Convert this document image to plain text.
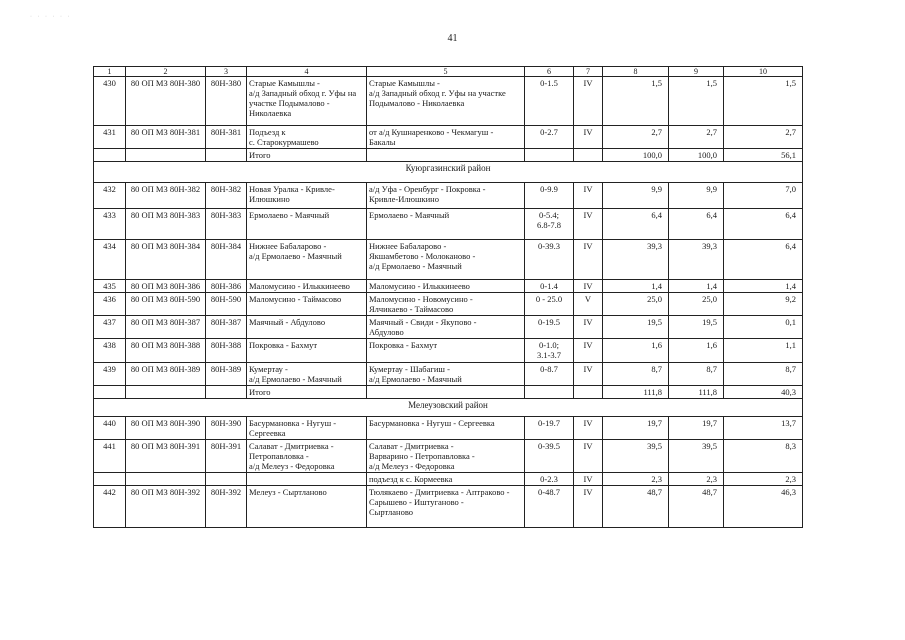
· · · · · ·
41
1	2	3	4	5	6	7	8	9	10
430	80 ОП МЗ 80Н-380	80Н-380	Старые Камышлы -
а/д Западный обход г. Уфы на участке Подымалово -
Николаевка	Старые Камышлы -
а/д Западный обход г. Уфы на участке
Подымалово - Николаевка	0-1.5	IV	1,5	1,5	1,5
431	80 ОП МЗ 80Н-381	80Н-381	Подъезд к
с. Старокурмашево	от а/д Кушнаренково - Чекмагуш -
Бакалы	0-2.7	IV	2,7	2,7	2,7
			Итого				100,0	100,0	56,1
Куюргазинский район									
432	80 ОП МЗ 80Н-382	80Н-382	Новая Уралка - Кривле-
Илюшкино	а/д Уфа - Оренбург - Покровка -
Кривле-Илюшкино	0-9.9	IV	9,9	9,9	7,0
433	80 ОП МЗ 80Н-383	80Н-383	Ермолаево - Маячный	Ермолаево - Маячный	0-5.4;
6.8-7.8	IV	6,4	6,4	6,4
434	80 ОП МЗ 80Н-384	80Н-384	Нижнее Бабаларово -
а/д Ермолаево - Маячный	Нижнее Бабаларово -
Якшамбетово - Молоканово -
а/д Ермолаево - Маячный	0-39.3	IV	39,3	39,3	6,4
435	80 ОП МЗ 80Н-386	80Н-386	Маломусино - Ильккинеево	Маломусино - Ильккинеево	0-1.4	IV	1,4	1,4	1,4
436	80 ОП МЗ 80Н-590	80Н-590	Маломусино - Таймасово	Маломусино - Новомусино -
Ялчикаево - Таймасово	0 - 25.0	V	25,0	25,0	9,2
437	80 ОП МЗ 80Н-387	80Н-387	Маячный - Абдулово	Маячный - Свиди - Якупово -
Абдулово	0-19.5	IV	19,5	19,5	0,1
438	80 ОП МЗ 80Н-388	80Н-388	Покровка - Бахмут	Покровка - Бахмут	0-1.0;
3.1-3.7	IV	1,6	1,6	1,1
439	80 ОП МЗ 80Н-389	80Н-389	Кумертау -
а/д Ермолаево - Маячный	Кумертау - Шабагиш -
а/д Ермолаево - Маячный	0-8.7	IV	8,7	8,7	8,7
			Итого				111,8	111,8	40,3
Мелеузовский район									
440	80 ОП МЗ 80Н-390	80Н-390	Басурмановка - Нугуш -
Сергеевка	Басурмановка - Нугуш - Сергеевка	0-19.7	IV	19,7	19,7	13,7
441	80 ОП МЗ 80Н-391	80Н-391	Салават - Дмитриевка -
Петропавловка -
а/д Мелеуз - Федоровка	Салават - Дмитриевка -
Варварино - Петропавловка -
а/д Мелеуз - Федоровка	0-39.5	IV	39,5	39,5	8,3
				подъезд к с. Кормеевка	0-2.3	IV	2,3	2,3	2,3
442	80 ОП МЗ 80Н-392	80Н-392	Мелеуз - Сыртланово	Тюлякаево - Дмитриевка - Аптраково -
Сарышево - Иштуганово -
Сыртланово	0-48.7	IV	48,7	48,7	46,3
